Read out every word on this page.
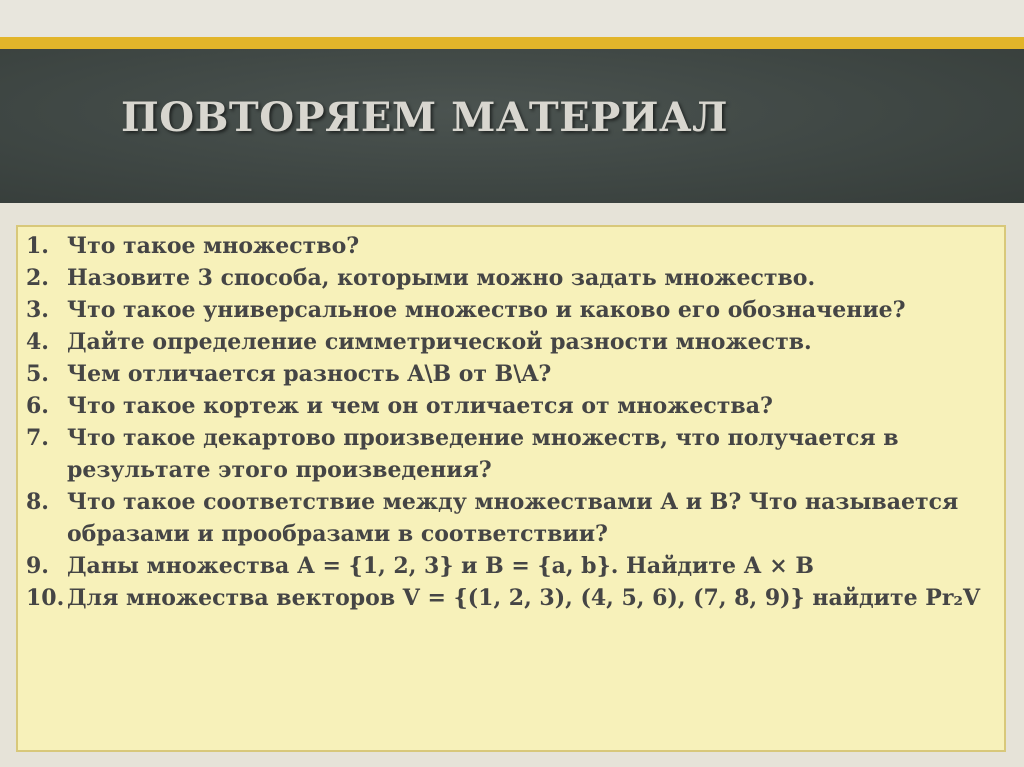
ПОВТОРЯЕМ МАТЕРИАЛ
1. Что такое множество?
2. Назовите 3 способа, которыми можно задать множество.
3. Что такое универсальное множество и каково его обозначение?
4. Дайте определение симметрической разности множеств.
5. Чем отличается разность A\B от B\A?
6. Что такое кортеж и чем он отличается от множества?
7. Что такое декартово произведение множеств, что получается в результате этого произведения?
8. Что такое соответствие между множествами А и В? Что называется образами и прообразами в соответствии?
9. Даны множества А = {1, 2, 3} и В = {a, b}. Найдите А × В
10. Для множества векторов V = {(1, 2, 3), (4, 5, 6), (7, 8, 9)} найдите Pr₂V
